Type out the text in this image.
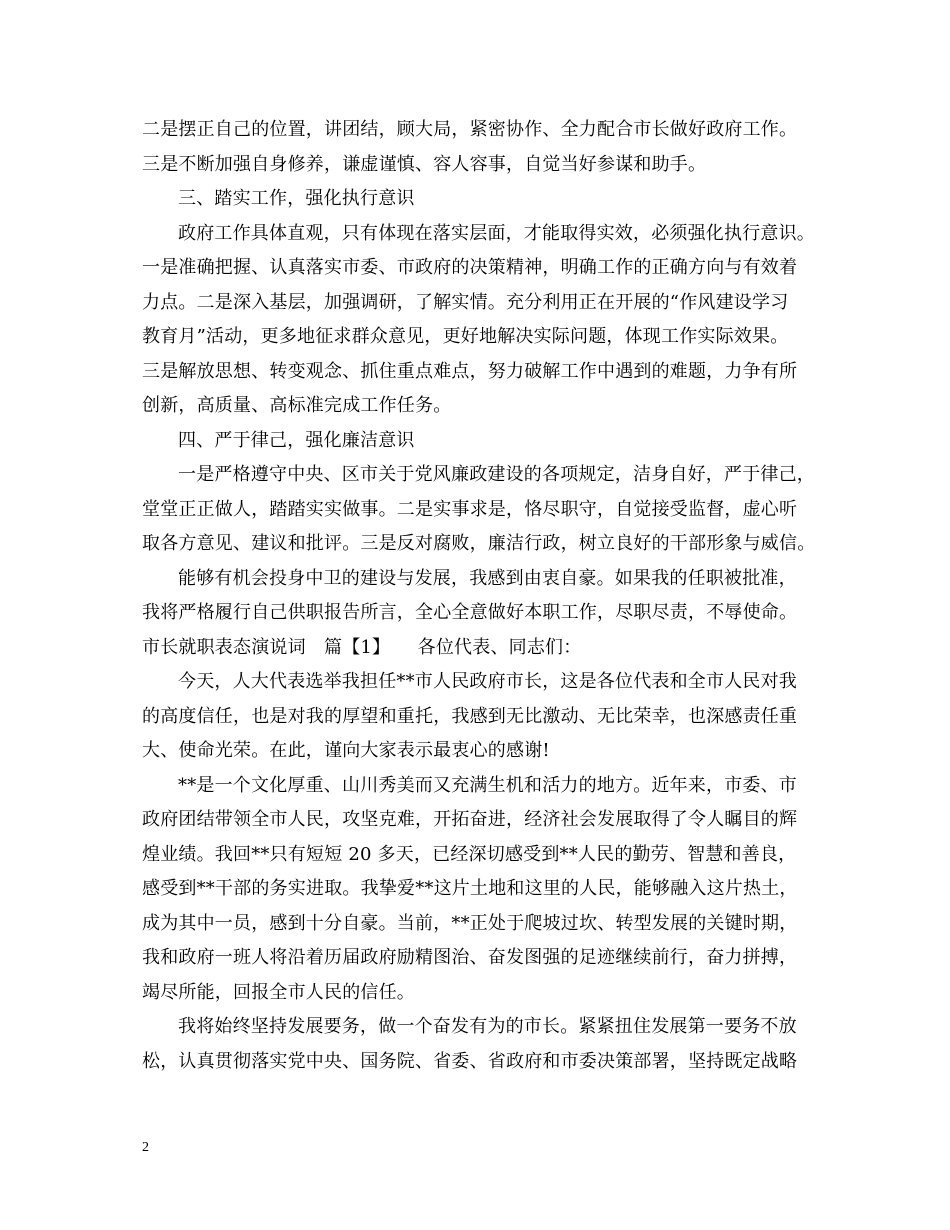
二是摆正自己的位置，讲团结，顾大局，紧密协作、全力配合市长做好政府工作。
三是不断加强自身修养，谦虚谨慎、容人容事，自觉当好参谋和助手。
三、踏实工作，强化执行意识
政府工作具体直观，只有体现在落实层面，才能取得实效，必须强化执行意识。
一是准确把握、认真落实市委、市政府的决策精神，明确工作的正确方向与有效着
力点。二是深入基层，加强调研，了解实情。充分利用正在开展的“作风建设学习
教育月”活动，更多地征求群众意见，更好地解决实际问题，体现工作实际效果。
三是解放思想、转变观念、抓住重点难点，努力破解工作中遇到的难题，力争有所
创新，高质量、高标准完成工作任务。
四、严于律己，强化廉洁意识
一是严格遵守中央、区市关于党风廉政建设的各项规定，洁身自好，严于律己，
堂堂正正做人，踏踏实实做事。二是实事求是，恪尽职守，自觉接受监督，虚心听
取各方意见、建议和批评。三是反对腐败，廉洁行政，树立良好的干部形象与威信。
能够有机会投身中卫的建设与发展，我感到由衷自豪。如果我的任职被批准，
我将严格履行自己供职报告所言，全心全意做好本职工作，尽职尽责，不辱使命。
市长就职表态演说词　篇【1】　　各位代表、同志们：
今天，人大代表选举我担任**市人民政府市长，这是各位代表和全市人民对我
的高度信任，也是对我的厚望和重托，我感到无比激动、无比荣幸，也深感责任重
大、使命光荣。在此，谨向大家表示最衷心的感谢!
**是一个文化厚重、山川秀美而又充满生机和活力的地方。近年来，市委、市
政府团结带领全市人民，攻坚克难，开拓奋进，经济社会发展取得了令人瞩目的辉
煌业绩。我回**只有短短 20 多天，已经深切感受到**人民的勤劳、智慧和善良，
感受到**干部的务实进取。我挚爱**这片土地和这里的人民，能够融入这片热土，
成为其中一员，感到十分自豪。当前，**正处于爬坡过坎、转型发展的关键时期，
我和政府一班人将沿着历届政府励精图治、奋发图强的足迹继续前行，奋力拼搏，
竭尽所能，回报全市人民的信任。
我将始终坚持发展要务，做一个奋发有为的市长。紧紧扭住发展第一要务不放
松，认真贯彻落实党中央、国务院、省委、省政府和市委决策部署，坚持既定战略
2
